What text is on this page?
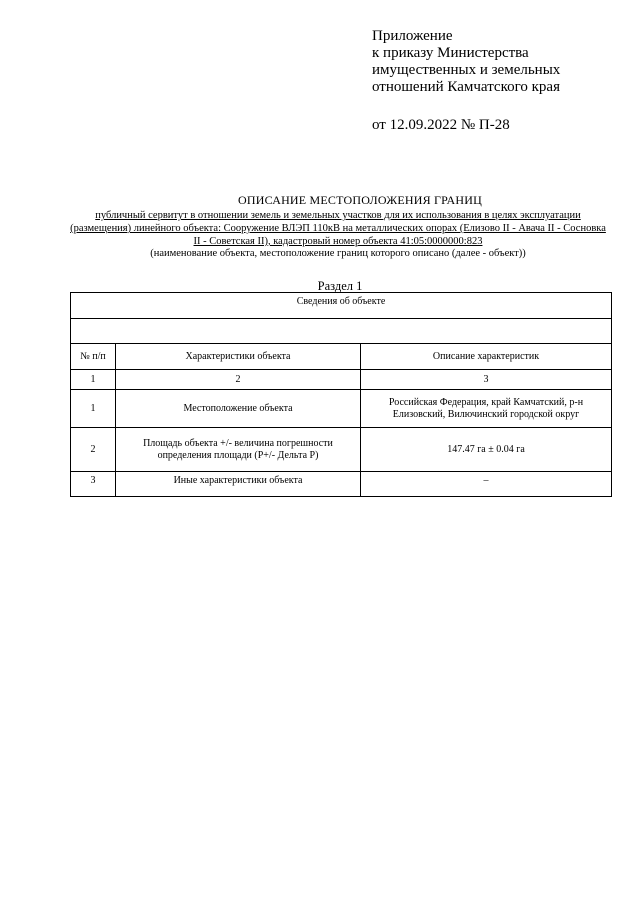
Приложение
к приказу Министерства
имущественных и земельных
отношений Камчатского края
от 12.09.2022 № П-28
ОПИСАНИЕ МЕСТОПОЛОЖЕНИЯ ГРАНИЦ
публичный сервитут в отношении земель и земельных участков для их использования в целях эксплуатации (размещения) линейного объекта: Сооружение ВЛЭП 110кВ на металлических опорах (Елизово II - Авача II - Сосновка II - Советская II), кадастровый номер объекта 41:05:0000000:823
(наименование объекта, местоположение границ которого описано (далее - объект))
Раздел 1
Сведения об объекте		

№ п/п	Характеристики объекта	Описание характеристик
1	2	3
1	Местоположение объекта	Российская Федерация, край Камчатский, р-н Елизовский, Вилючинский городской округ
2	Площадь объекта +/- величина погрешности определения площади (Р+/- Дельта Р)	147.47 га ± 0.04 га
3	Иные характеристики объекта	–
